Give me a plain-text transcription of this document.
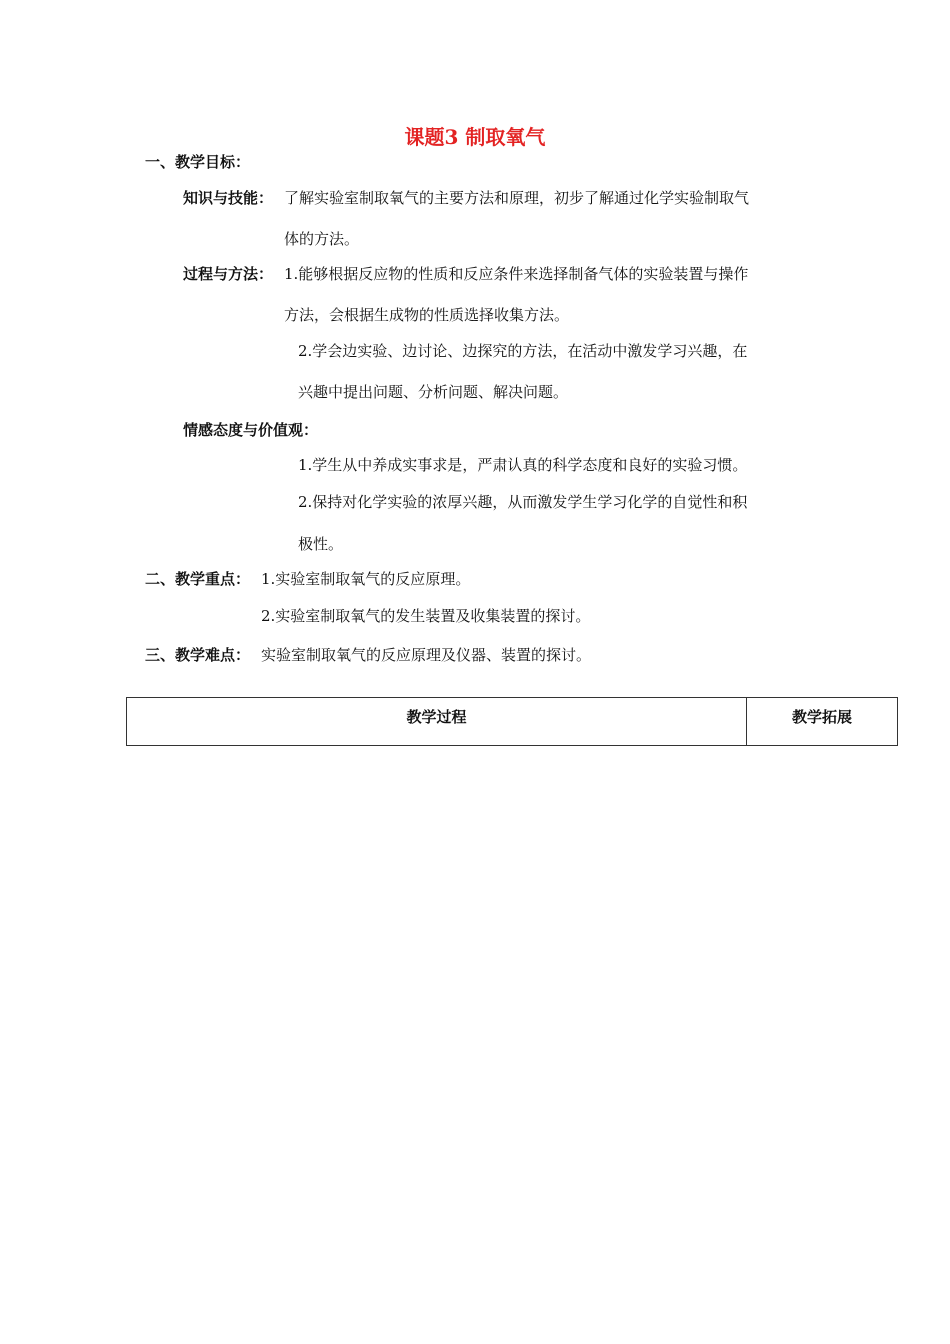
课题3 制取氧气
一、教学目标：
知识与技能： 了解实验室制取氧气的主要方法和原理，初步了解通过化学实验制取气
体的方法。
过程与方法： 1.能够根据反应物的性质和反应条件来选择制备气体的实验装置与操作
方法，会根据生成物的性质选择收集方法。
2.学会边实验、边讨论、边探究的方法，在活动中激发学习兴趣，在
兴趣中提出问题、分析问题、解决问题。
情感态度与价值观：
1.学生从中养成实事求是，严肃认真的科学态度和良好的实验习惯。
2.保持对化学实验的浓厚兴趣，从而激发学生学习化学的自觉性和积
极性。
二、教学重点： 1.实验室制取氧气的反应原理。
2.实验室制取氧气的发生装置及收集装置的探讨。
三、教学难点： 实验室制取氧气的反应原理及仪器、装置的探讨。
教学过程	教学拓展
